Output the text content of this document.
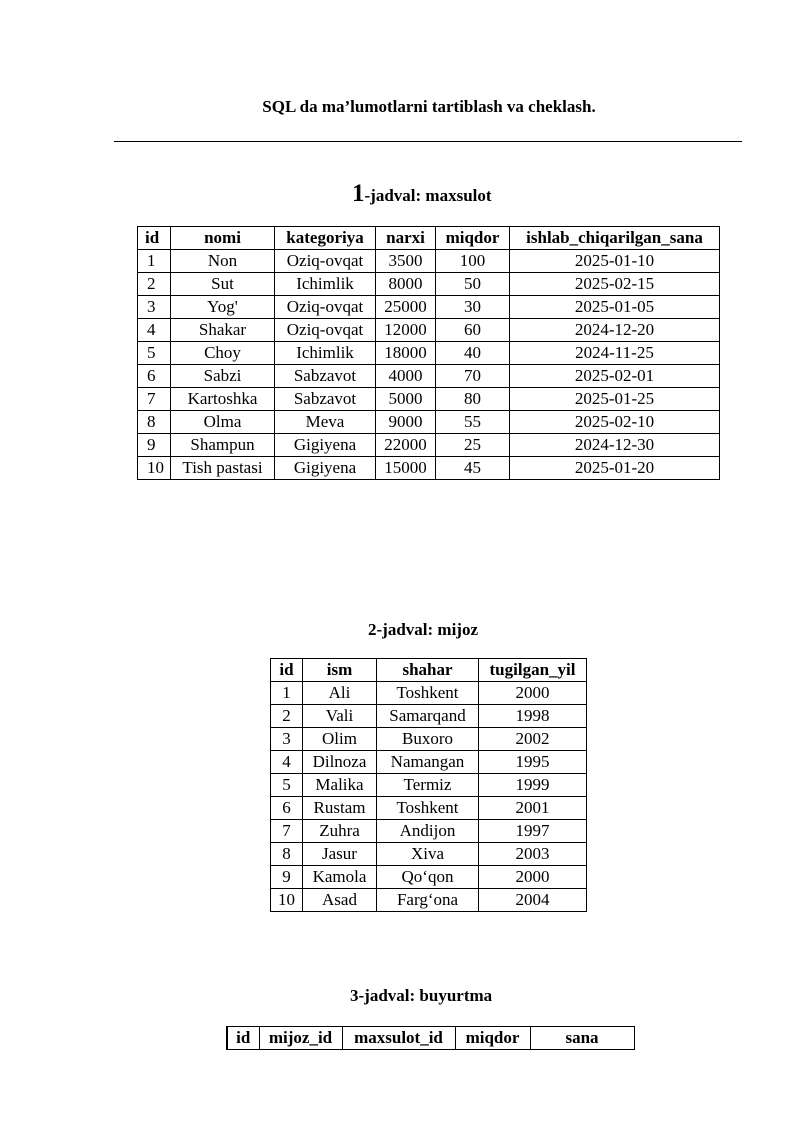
SQL da ma’lumotlarni tartiblash va cheklash.
1-jadval: maxsulot
id	nomi	kategoriya	narxi	miqdor	ishlab_chiqarilgan_sana
1	Non	Oziq-ovqat	3500	100	2025-01-10
2	Sut	Ichimlik	8000	50	2025-02-15
3	Yog'	Oziq-ovqat	25000	30	2025-01-05
4	Shakar	Oziq-ovqat	12000	60	2024-12-20
5	Choy	Ichimlik	18000	40	2024-11-25
6	Sabzi	Sabzavot	4000	70	2025-02-01
7	Kartoshka	Sabzavot	5000	80	2025-01-25
8	Olma	Meva	9000	55	2025-02-10
9	Shampun	Gigiyena	22000	25	2024-12-30
10	Tish pastasi	Gigiyena	15000	45	2025-01-20
2-jadval: mijoz
id	ism	shahar	tugilgan_yil
1	Ali	Toshkent	2000
2	Vali	Samarqand	1998
3	Olim	Buxoro	2002
4	Dilnoza	Namangan	1995
5	Malika	Termiz	1999
6	Rustam	Toshkent	2001
7	Zuhra	Andijon	1997
8	Jasur	Xiva	2003
9	Kamola	Qo‘qon	2000
10	Asad	Farg‘ona	2004
3-jadval: buyurtma
id	mijoz_id	maxsulot_id	miqdor	sana
